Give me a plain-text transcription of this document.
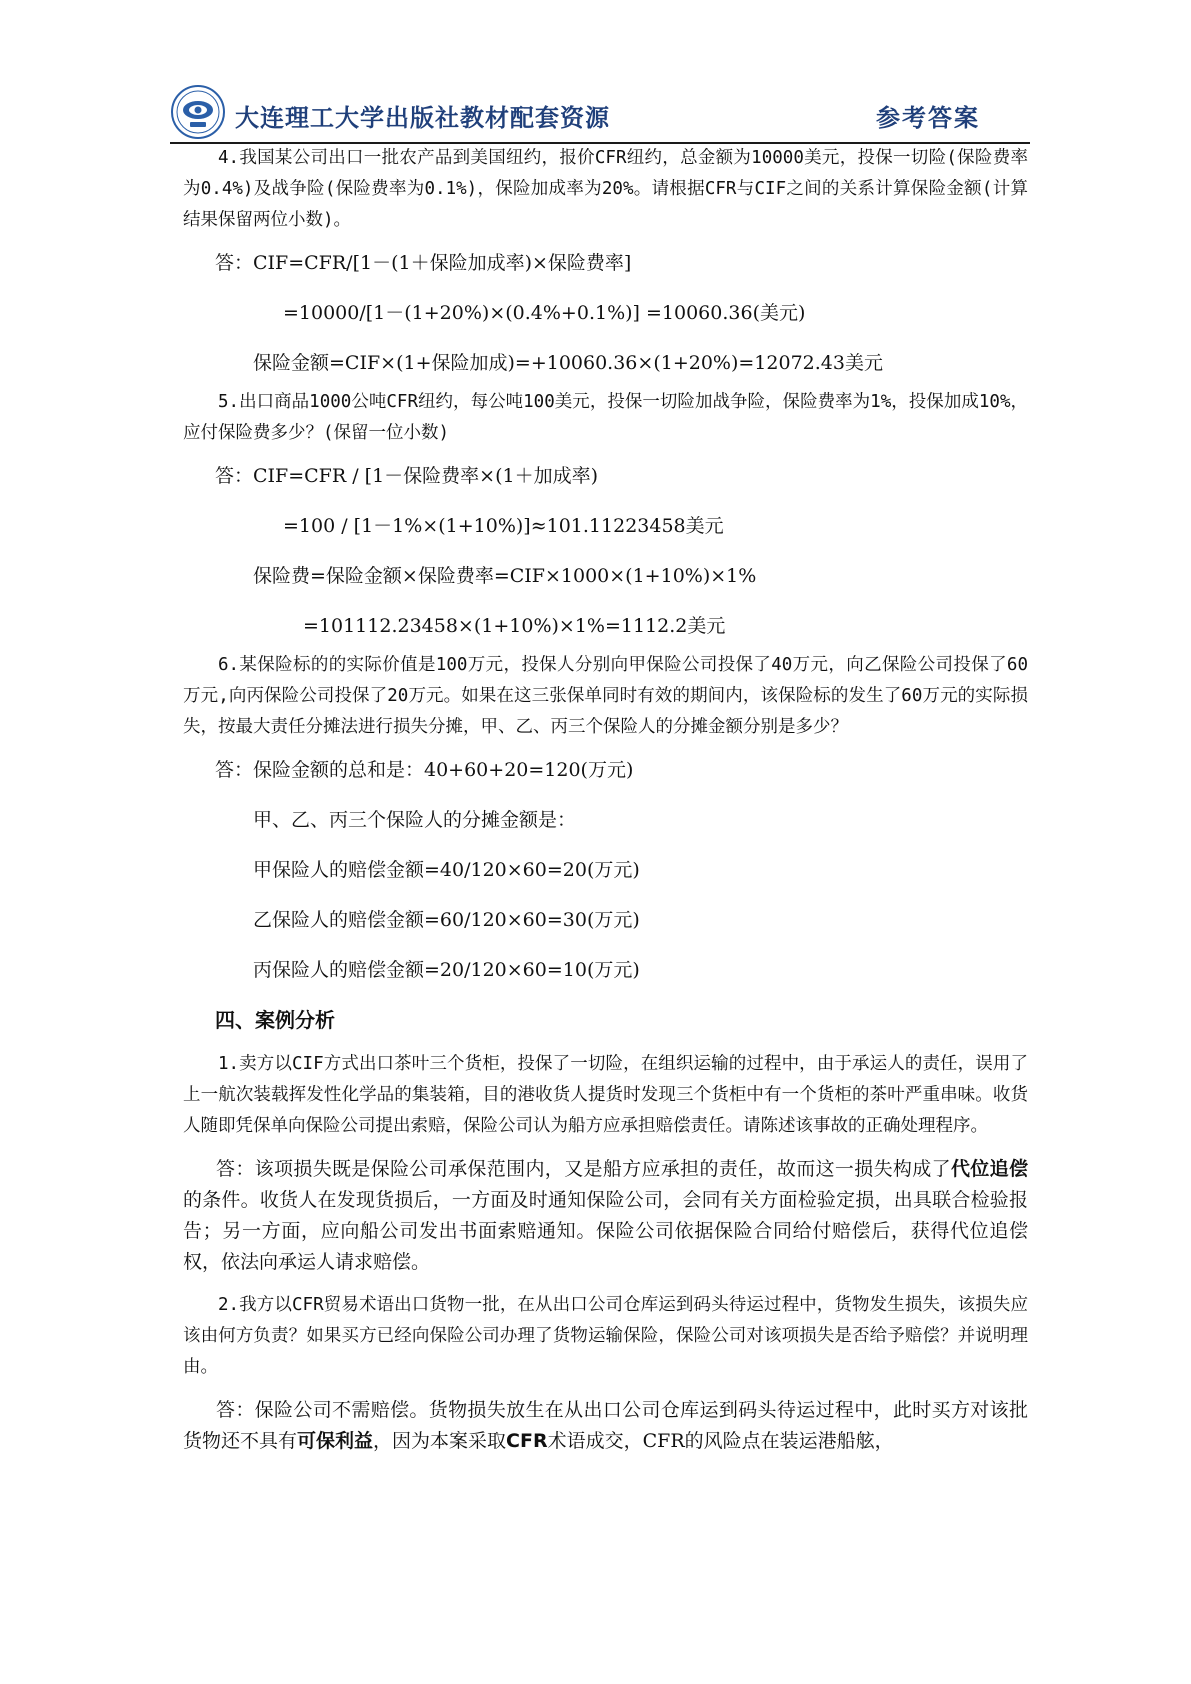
大连理工大学出版社教材配套资源	参考答案

4.我国某公司出口一批农产品到美国纽约，报价CFR纽约，总金额为10000美元，投保一切险(保险费率为0.4%)及战争险(保险费率为0.1%)，保险加成率为20%。请根据CFR与CIF之间的关系计算保险金额(计算结果保留两位小数)。

答：CIF=CFR/[1－(1＋保险加成率)×保险费率]
=10000/[1－(1+20%)×(0.4%+0.1%)] =10060.36(美元)
保险金额=CIF×(1+保险加成)=+10060.36×(1+20%)=12072.43美元

5.出口商品1000公吨CFR纽约，每公吨100美元，投保一切险加战争险，保险费率为1%，投保加成10%，应付保险费多少？(保留一位小数)

答：CIF=CFR / [1－保险费率×(1＋加成率)
=100 / [1－1%×(1+10%)]≈101.11223458美元
保险费=保险金额×保险费率=CIF×1000×(1+10%)×1%
=101112.23458×(1+10%)×1%=1112.2美元

6.某保险标的的实际价值是100万元，投保人分别向甲保险公司投保了40万元，向乙保险公司投保了60万元,向丙保险公司投保了20万元。如果在这三张保单同时有效的期间内，该保险标的发生了60万元的实际损失，按最大责任分摊法进行损失分摊，甲、乙、丙三个保险人的分摊金额分别是多少？

答：保险金额的总和是：40+60+20=120(万元)
甲、乙、丙三个保险人的分摊金额是：
甲保险人的赔偿金额=40/120×60=20(万元)
乙保险人的赔偿金额=60/120×60=30(万元)
丙保险人的赔偿金额=20/120×60=10(万元)
四、案例分析

1.卖方以CIF方式出口茶叶三个货柜，投保了一切险，在组织运输的过程中，由于承运人的责任，误用了上一航次装载挥发性化学品的集装箱，目的港收货人提货时发现三个货柜中有一个货柜的茶叶严重串味。收货人随即凭保单向保险公司提出索赔，保险公司认为船方应承担赔偿责任。请陈述该事故的正确处理程序。

答：该项损失既是保险公司承保范围内，又是船方应承担的责任，故而这一损失构成了代位追偿的条件。收货人在发现货损后，一方面及时通知保险公司，会同有关方面检验定损，出具联合检验报告；另一方面，应向船公司发出书面索赔通知。保险公司依据保险合同给付赔偿后，获得代位追偿权，依法向承运人请求赔偿。

2.我方以CFR贸易术语出口货物一批，在从出口公司仓库运到码头待运过程中，货物发生损失，该损失应该由何方负责？如果买方已经向保险公司办理了货物运输保险，保险公司对该项损失是否给予赔偿？并说明理由。

答：保险公司不需赔偿。货物损失放生在从出口公司仓库运到码头待运过程中，此时买方对该批货物还不具有可保利益，因为本案采取CFR术语成交，CFR的风险点在装运港船舷，
